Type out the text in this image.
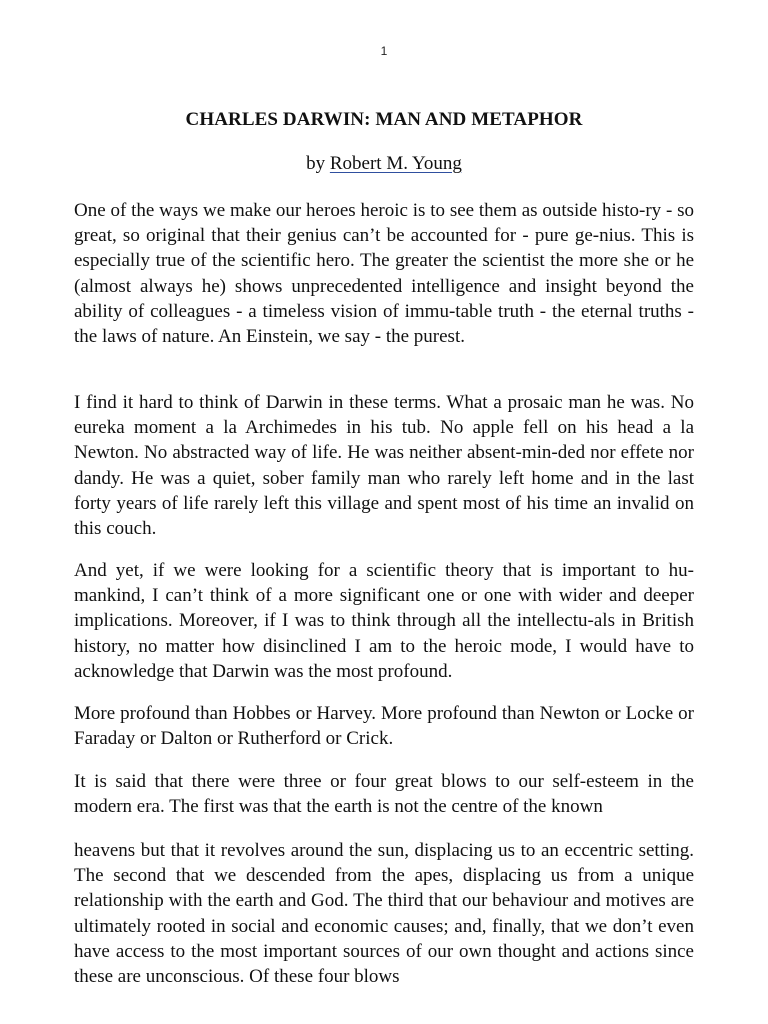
1
CHARLES DARWIN: MAN AND METAPHOR
by Robert M. Young

One of the ways we make our heroes heroic is to see them as outside histo-ry - so great, so original that their genius can’t be accounted for - pure ge-nius. This is especially true of the scientific hero. The greater the scientist the more she or he (almost always he) shows unprecedented intelligence and insight beyond the ability of colleagues - a timeless vision of immu-table truth - the eternal truths - the laws of nature. An Einstein, we say - the purest.

I find it hard to think of Darwin in these terms. What a prosaic man he was. No eureka moment a la Archimedes in his tub. No apple fell on his head a la Newton. No abstracted way of life. He was neither absent-min-ded nor effete nor dandy. He was a quiet, sober family man who rarely left home and in the last forty years of life rarely left this village and spent most of his time an invalid on this couch.

And yet, if we were looking for a scientific theory that is important to hu-mankind, I can’t think of a more significant one or one with wider and deeper implications. Moreover, if I was to think through all the intellectu-als in British history, no matter how disinclined I am to the heroic mode, I would have to acknowledge that Darwin was the most profound.

More profound than Hobbes or Harvey. More profound than Newton or Locke or Faraday or Dalton or Rutherford or Crick.

It is said that there were three or four great blows to our self-esteem in the modern era. The first was that the earth is not the centre of the known

heavens but that it revolves around the sun, displacing us to an eccentric setting. The second that we descended from the apes, displacing us from a unique relationship with the earth and God. The third that our behaviour and motives are ultimately rooted in social and economic causes; and, finally, that we don’t even have access to the most important sources of our own thought and actions since these are unconscious. Of these four blows
